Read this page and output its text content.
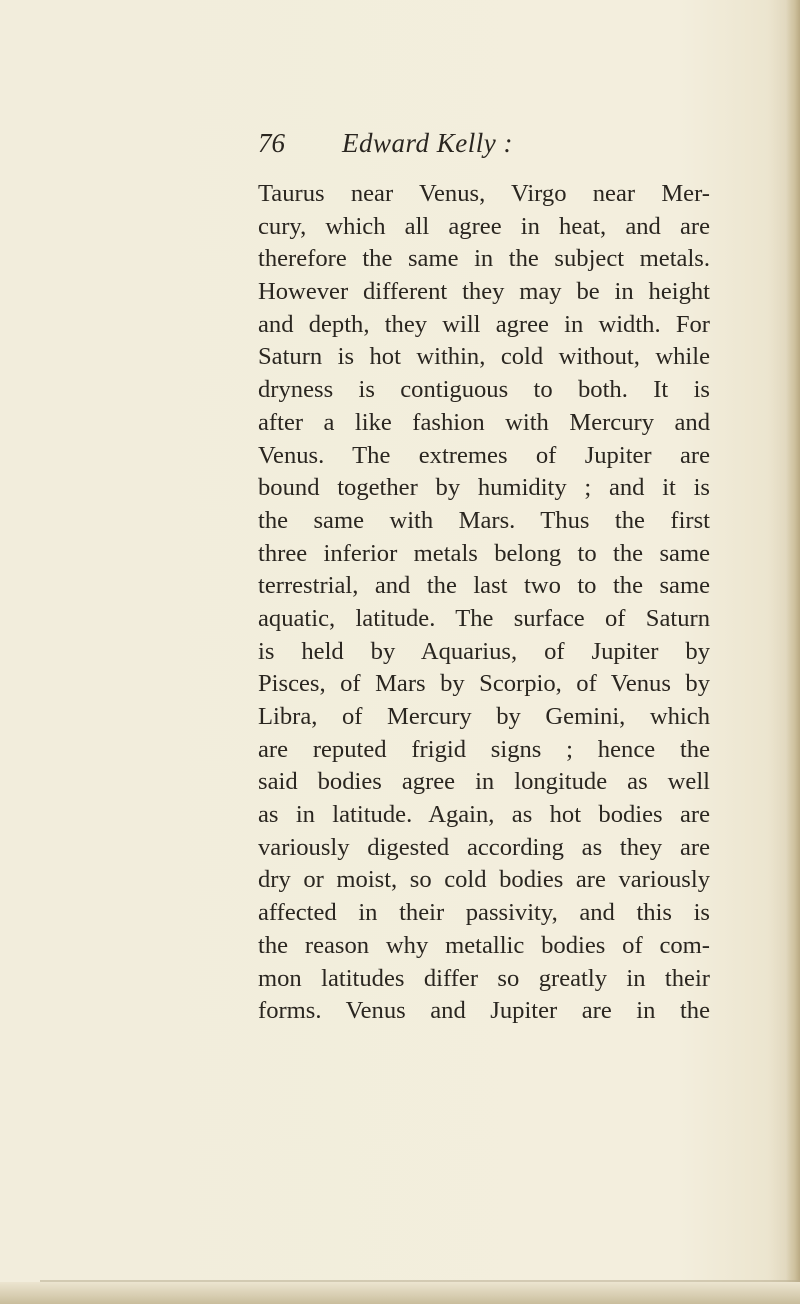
76 Edward Kelly :
Taurus near Venus, Virgo near Mer-
cury, which all agree in heat, and are
therefore the same in the subject metals.
However different they may be in height
and depth, they will agree in width. For
Saturn is hot within, cold without, while
dryness is contiguous to both. It is
after a like fashion with Mercury and
Venus. The extremes of Jupiter are
bound together by humidity ; and it is
the same with Mars. Thus the first
three inferior metals belong to the same
terrestrial, and the last two to the same
aquatic, latitude. The surface of Saturn
is held by Aquarius, of Jupiter by
Pisces, of Mars by Scorpio, of Venus by
Libra, of Mercury by Gemini, which
are reputed frigid signs ; hence the
said bodies agree in longitude as well
as in latitude. Again, as hot bodies are
variously digested according as they are
dry or moist, so cold bodies are variously
affected in their passivity, and this is
the reason why metallic bodies of com-
mon latitudes differ so greatly in their
forms. Venus and Jupiter are in the
